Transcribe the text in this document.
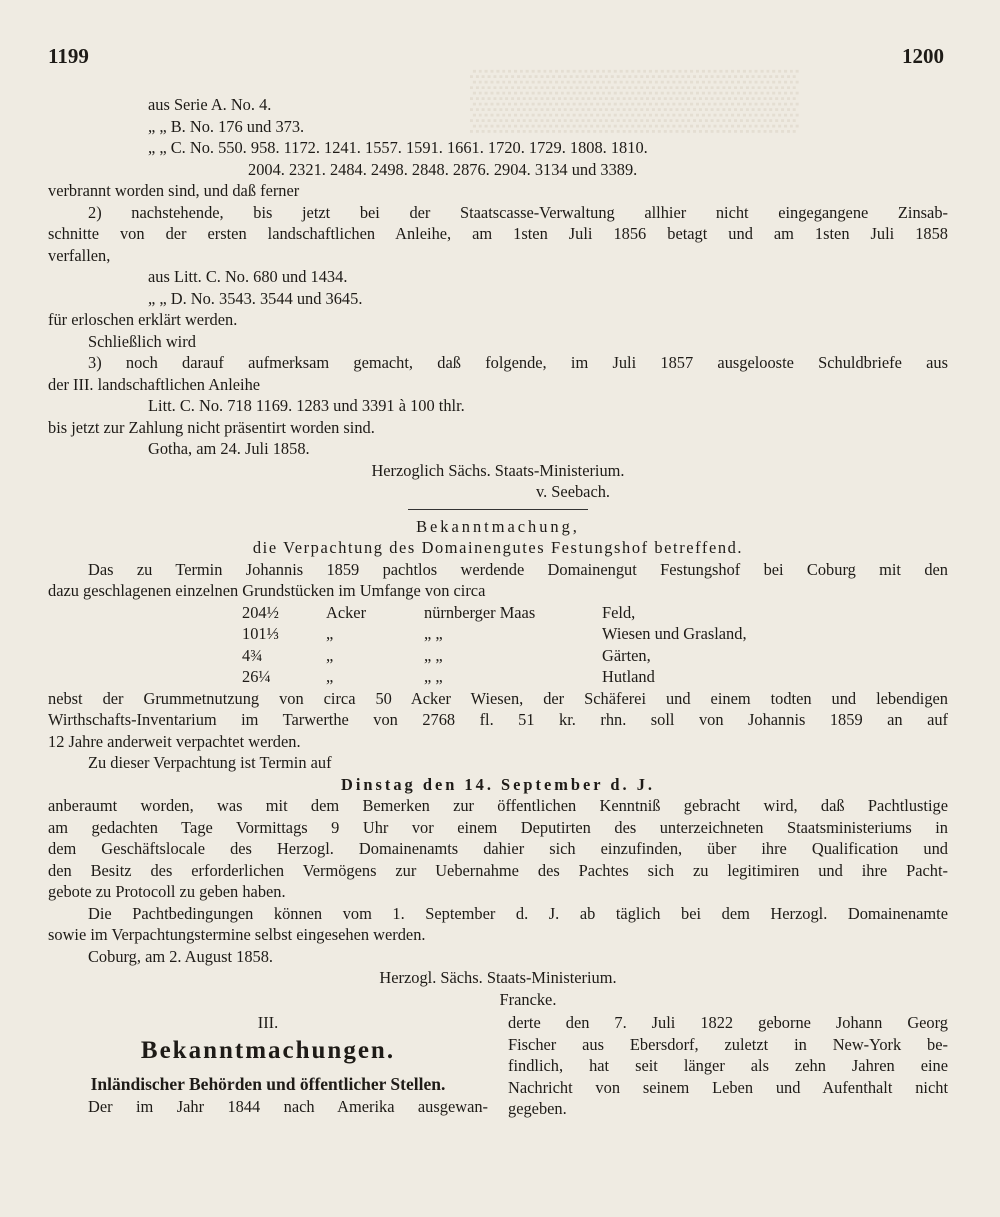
▒▒▒▒▒▒▒▒
1199	1200
aus Serie A. No. 4.
„ „ B. No. 176 und 373.
„ „ C. No. 550. 958. 1172. 1241. 1557. 1591. 1661. 1720. 1729. 1808. 1810.
2004. 2321. 2484. 2498. 2848. 2876. 2904. 3134 und 3389.
verbrannt worden sind, und daß ferner
2) nachstehende, bis jetzt bei der Staatscasse-Verwaltung allhier nicht eingegangene Zinsab-
schnitte von der ersten landschaftlichen Anleihe, am 1sten Juli 1856 betagt und am 1sten Juli 1858
verfallen,
aus Litt. C. No. 680 und 1434.
„ „ D. No. 3543. 3544 und 3645.
für erloschen erklärt werden.
Schließlich wird
3) noch darauf aufmerksam gemacht, daß folgende, im Juli 1857 ausgelooste Schuldbriefe aus
der III. landschaftlichen Anleihe
Litt. C. No. 718 1169. 1283 und 3391 à 100 thlr.
bis jetzt zur Zahlung nicht präsentirt worden sind.
Gotha, am 24. Juli 1858.
Herzoglich Sächs. Staats-Ministerium.
v. Seebach.
Bekanntmachung,
die Verpachtung des Domainengutes Festungshof betreffend.
Das zu Termin Johannis 1859 pachtlos werdende Domainengut Festungshof bei Coburg mit den
dazu geschlagenen einzelnen Grundstücken im Umfange von circa
204½	Acker	nürnberger Maas	Feld,
101⅓	„	„ „	Wiesen und Grasland,
4¾	„	„ „	Gärten,
26¼	„	„ „	Hutland
nebst der Grummetnutzung von circa 50 Acker Wiesen, der Schäferei und einem todten und lebendigen
Wirthschafts-Inventarium im Tarwerthe von 2768 fl. 51 kr. rhn. soll von Johannis 1859 an auf
12 Jahre anderweit verpachtet werden.
Zu dieser Verpachtung ist Termin auf
Dinstag den 14. September d. J.
anberaumt worden, was mit dem Bemerken zur öffentlichen Kenntniß gebracht wird, daß Pachtlustige
am gedachten Tage Vormittags 9 Uhr vor einem Deputirten des unterzeichneten Staatsministeriums in
dem Geschäftslocale des Herzogl. Domainenamts dahier sich einzufinden, über ihre Qualification und
den Besitz des erforderlichen Vermögens zur Uebernahme des Pachtes sich zu legitimiren und ihre Pacht-
gebote zu Protocoll zu geben haben.
Die Pachtbedingungen können vom 1. September d. J. ab täglich bei dem Herzogl. Domainenamte
sowie im Verpachtungstermine selbst eingesehen werden.
Coburg, am 2. August 1858.
Herzogl. Sächs. Staats-Ministerium.
Francke.
III.
Bekanntmachungen.
Inländischer Behörden und öffentlicher Stellen.
Der im Jahr 1844 nach Amerika ausgewan-
derte den 7. Juli 1822 geborne Johann Georg
Fischer aus Ebersdorf, zuletzt in New-York be-
findlich, hat seit länger als zehn Jahren eine
Nachricht von seinem Leben und Aufenthalt nicht
gegeben.
